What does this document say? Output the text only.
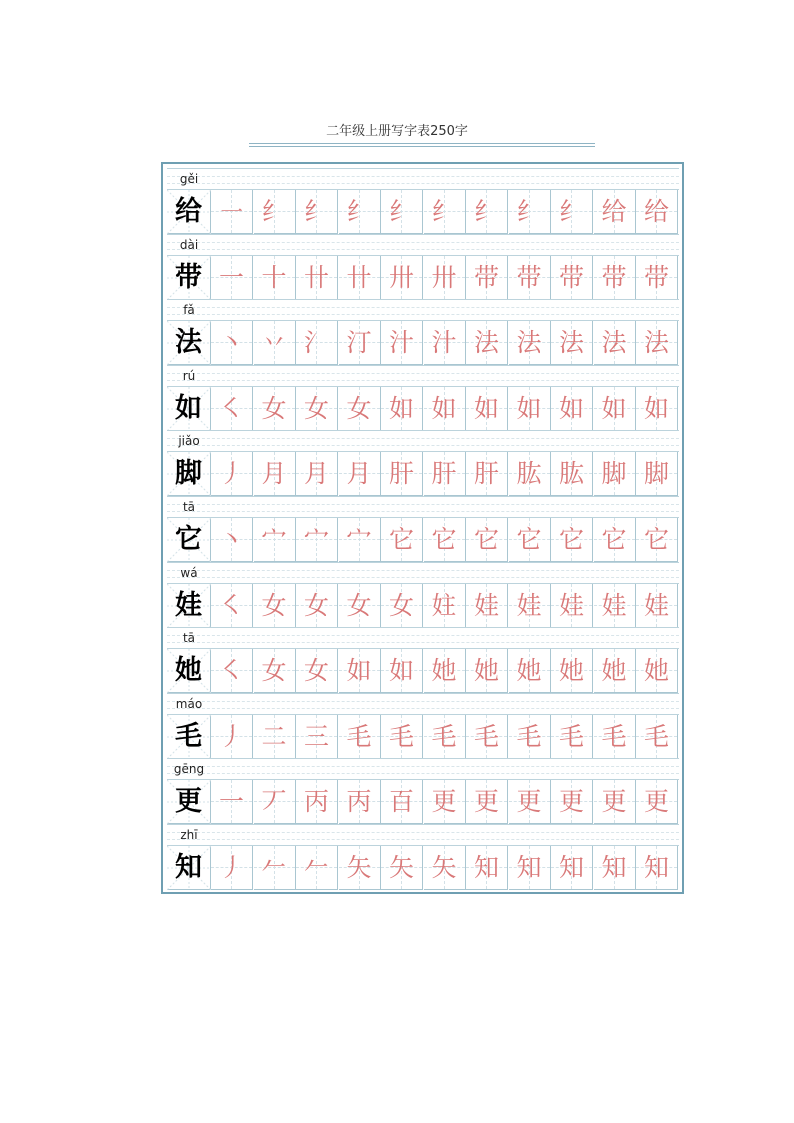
二年级上册写字表250字
gěi
给 ㇐ 纟 纟 纟 纟 纟 纟 纟 纟 给 给
dài
带 一 十 卄 卄 卅 卅 带 带 带 带 带
fǎ
法 丶 丷 氵 汀 汁 汁 法 法 法 法 法
rú
如 ㇛ 女 女 女 如 如 如 如 如 如 如
jiǎo
脚 丿 月 月 月 肝 肝 肝 肱 肱 脚 脚
tā
它 丶 宀 宀 宀 它 它 它 它 它 它 它
wá
娃 ㇛ 女 女 女 女 妵 娃 娃 娃 娃 娃
tā
她 ㇛ 女 女 如 如 她 她 她 她 她 她
máo
毛 丿 二 三 毛 毛 毛 毛 毛 毛 毛 毛
gēng
更 一 丆 丙 丙 百 更 更 更 更 更 更
zhī
知 丿 𠂉 𠂉 矢 矢 矢 知 知 知 知 知
